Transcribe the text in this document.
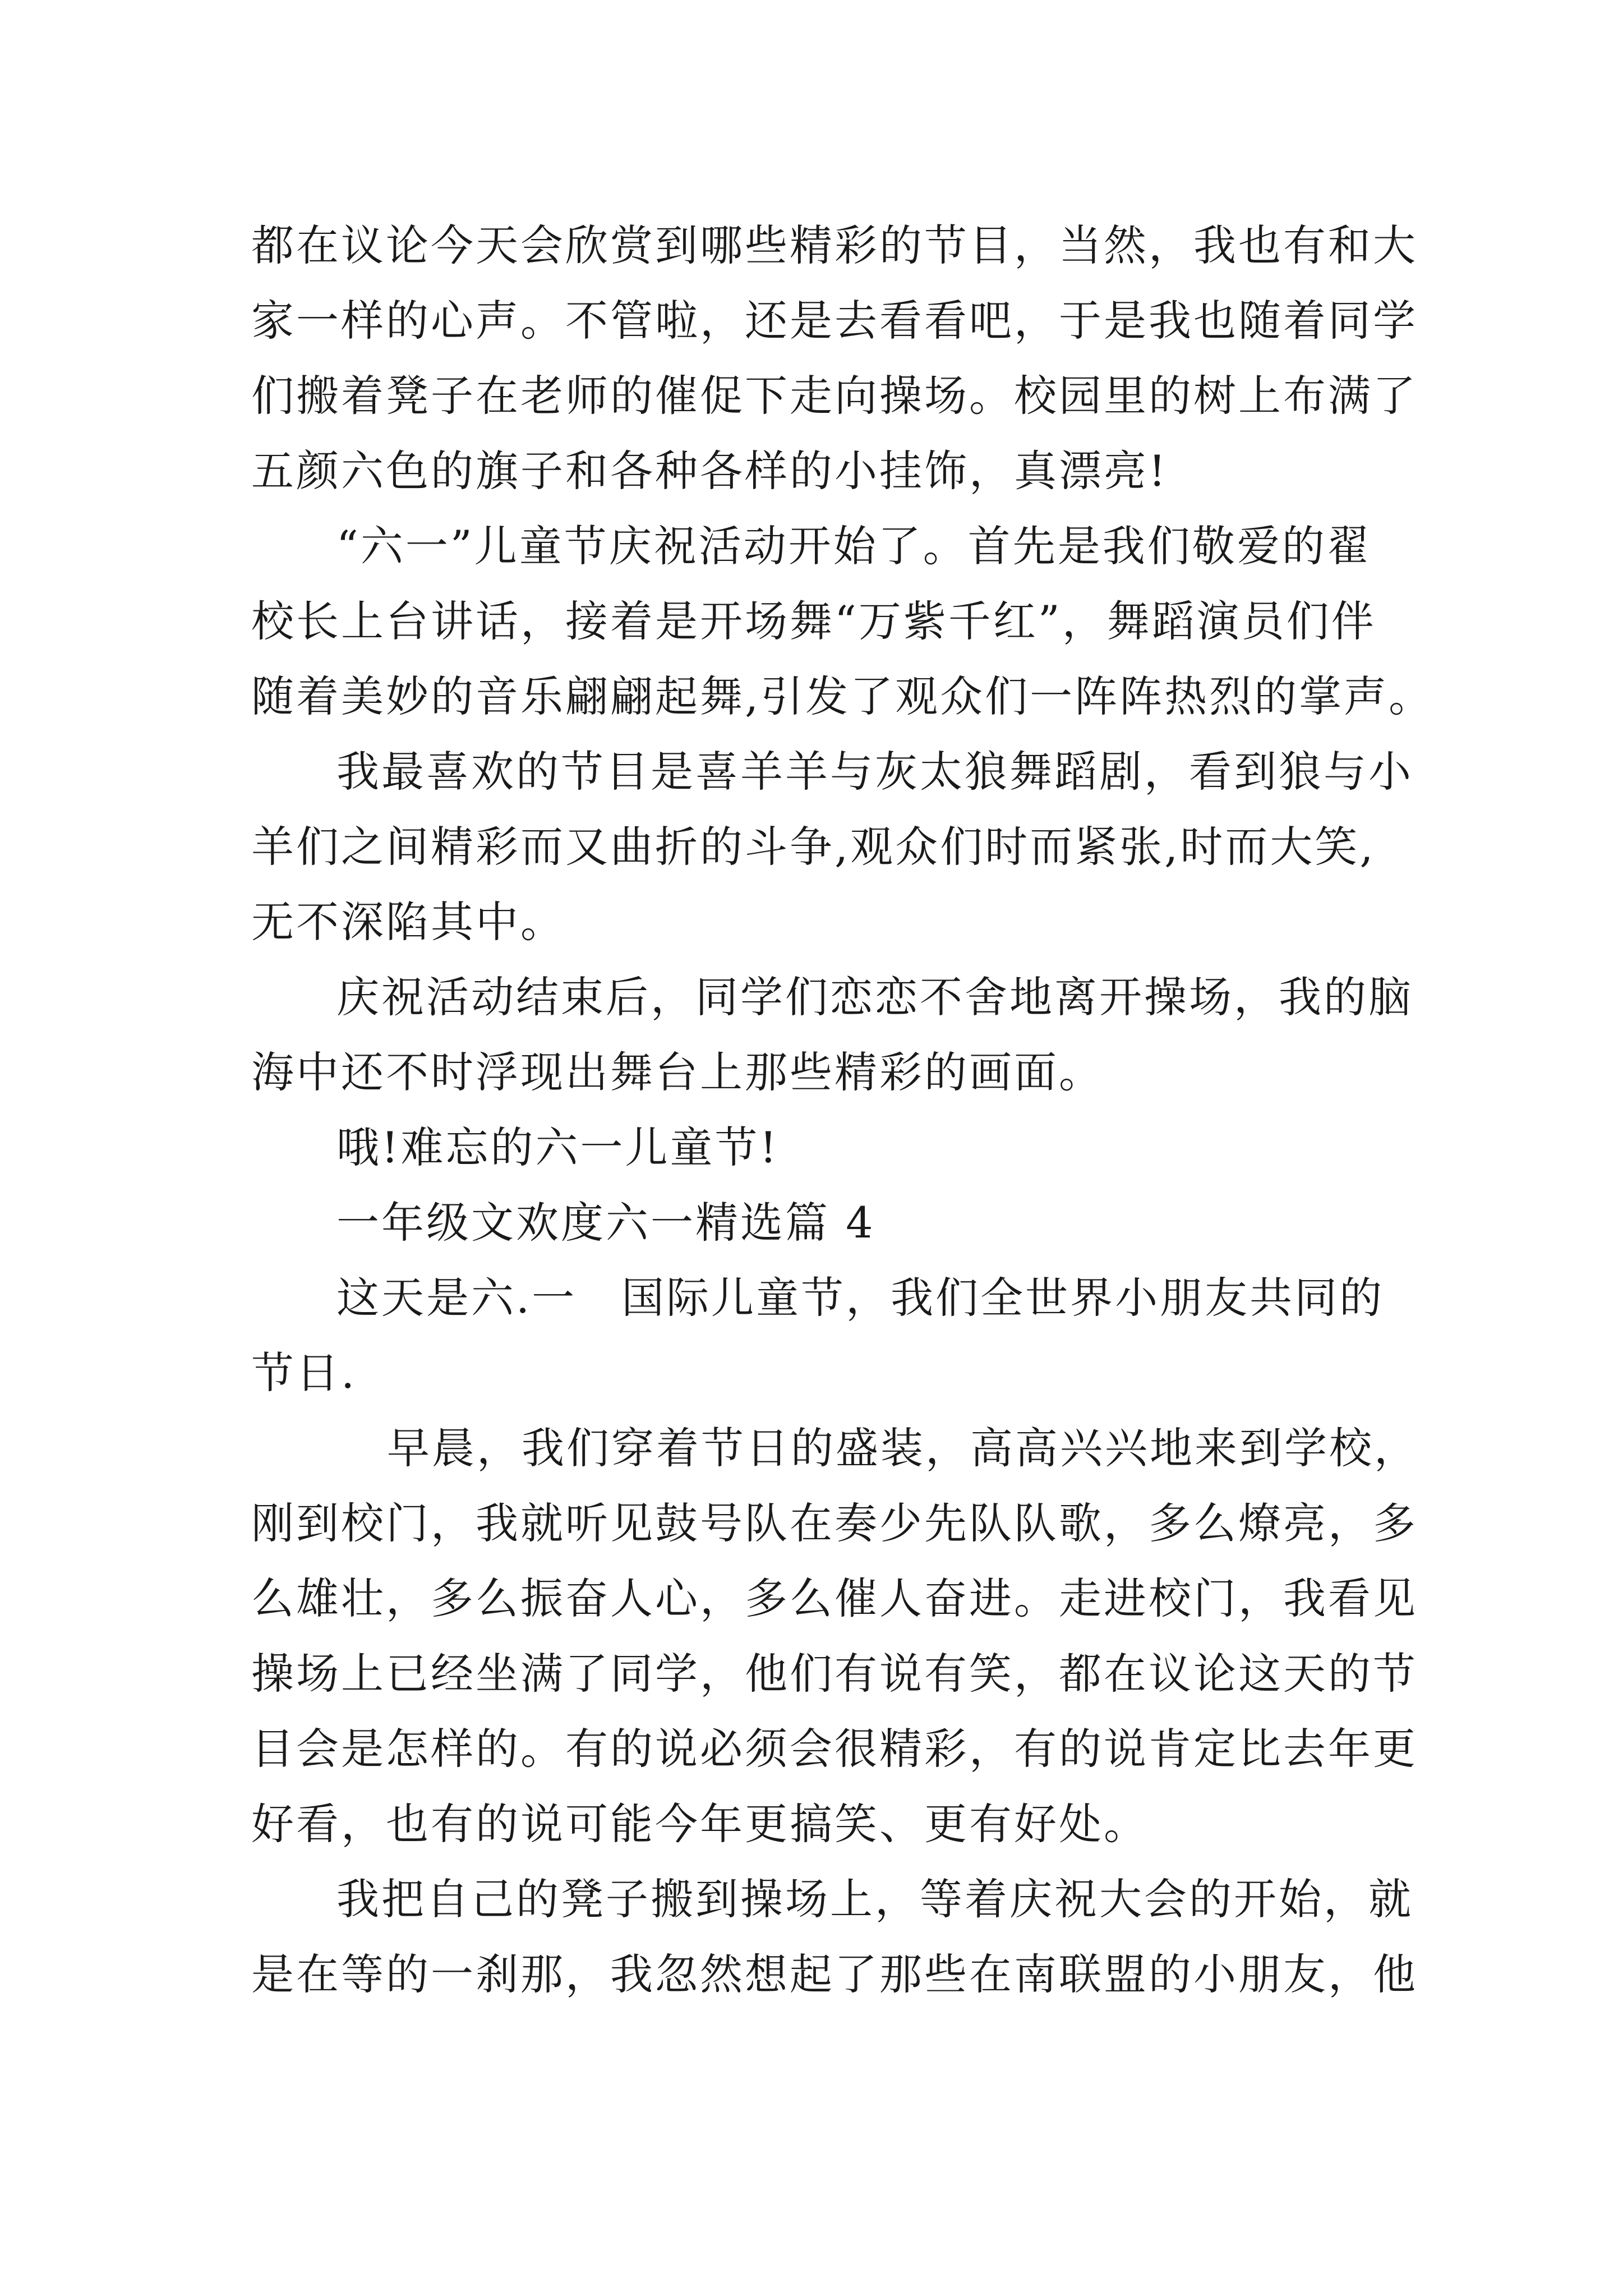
都在议论今天会欣赏到哪些精彩的节目，当然，我也有和大
家一样的心声。不管啦，还是去看看吧，于是我也随着同学
们搬着凳子在老师的催促下走向操场。校园里的树上布满了
五颜六色的旗子和各种各样的小挂饰，真漂亮!
“六一”儿童节庆祝活动开始了。首先是我们敬爱的翟
校长上台讲话，接着是开场舞“万紫千红”，舞蹈演员们伴
随着美妙的音乐翩翩起舞,引发了观众们一阵阵热烈的掌声。
我最喜欢的节目是喜羊羊与灰太狼舞蹈剧，看到狼与小
羊们之间精彩而又曲折的斗争,观众们时而紧张,时而大笑,
无不深陷其中。
庆祝活动结束后，同学们恋恋不舍地离开操场，我的脑
海中还不时浮现出舞台上那些精彩的画面。
哦!难忘的六一儿童节!
一年级文欢度六一精选篇 4
这天是六.一　国际儿童节，我们全世界小朋友共同的
节日.
早晨，我们穿着节日的盛装，高高兴兴地来到学校，
刚到校门，我就听见鼓号队在奏少先队队歌，多么燎亮，多
么雄壮，多么振奋人心，多么催人奋进。走进校门，我看见
操场上已经坐满了同学，他们有说有笑，都在议论这天的节
目会是怎样的。有的说必须会很精彩，有的说肯定比去年更
好看，也有的说可能今年更搞笑、更有好处。
我把自己的凳子搬到操场上，等着庆祝大会的开始，就
是在等的一刹那，我忽然想起了那些在南联盟的小朋友，他
